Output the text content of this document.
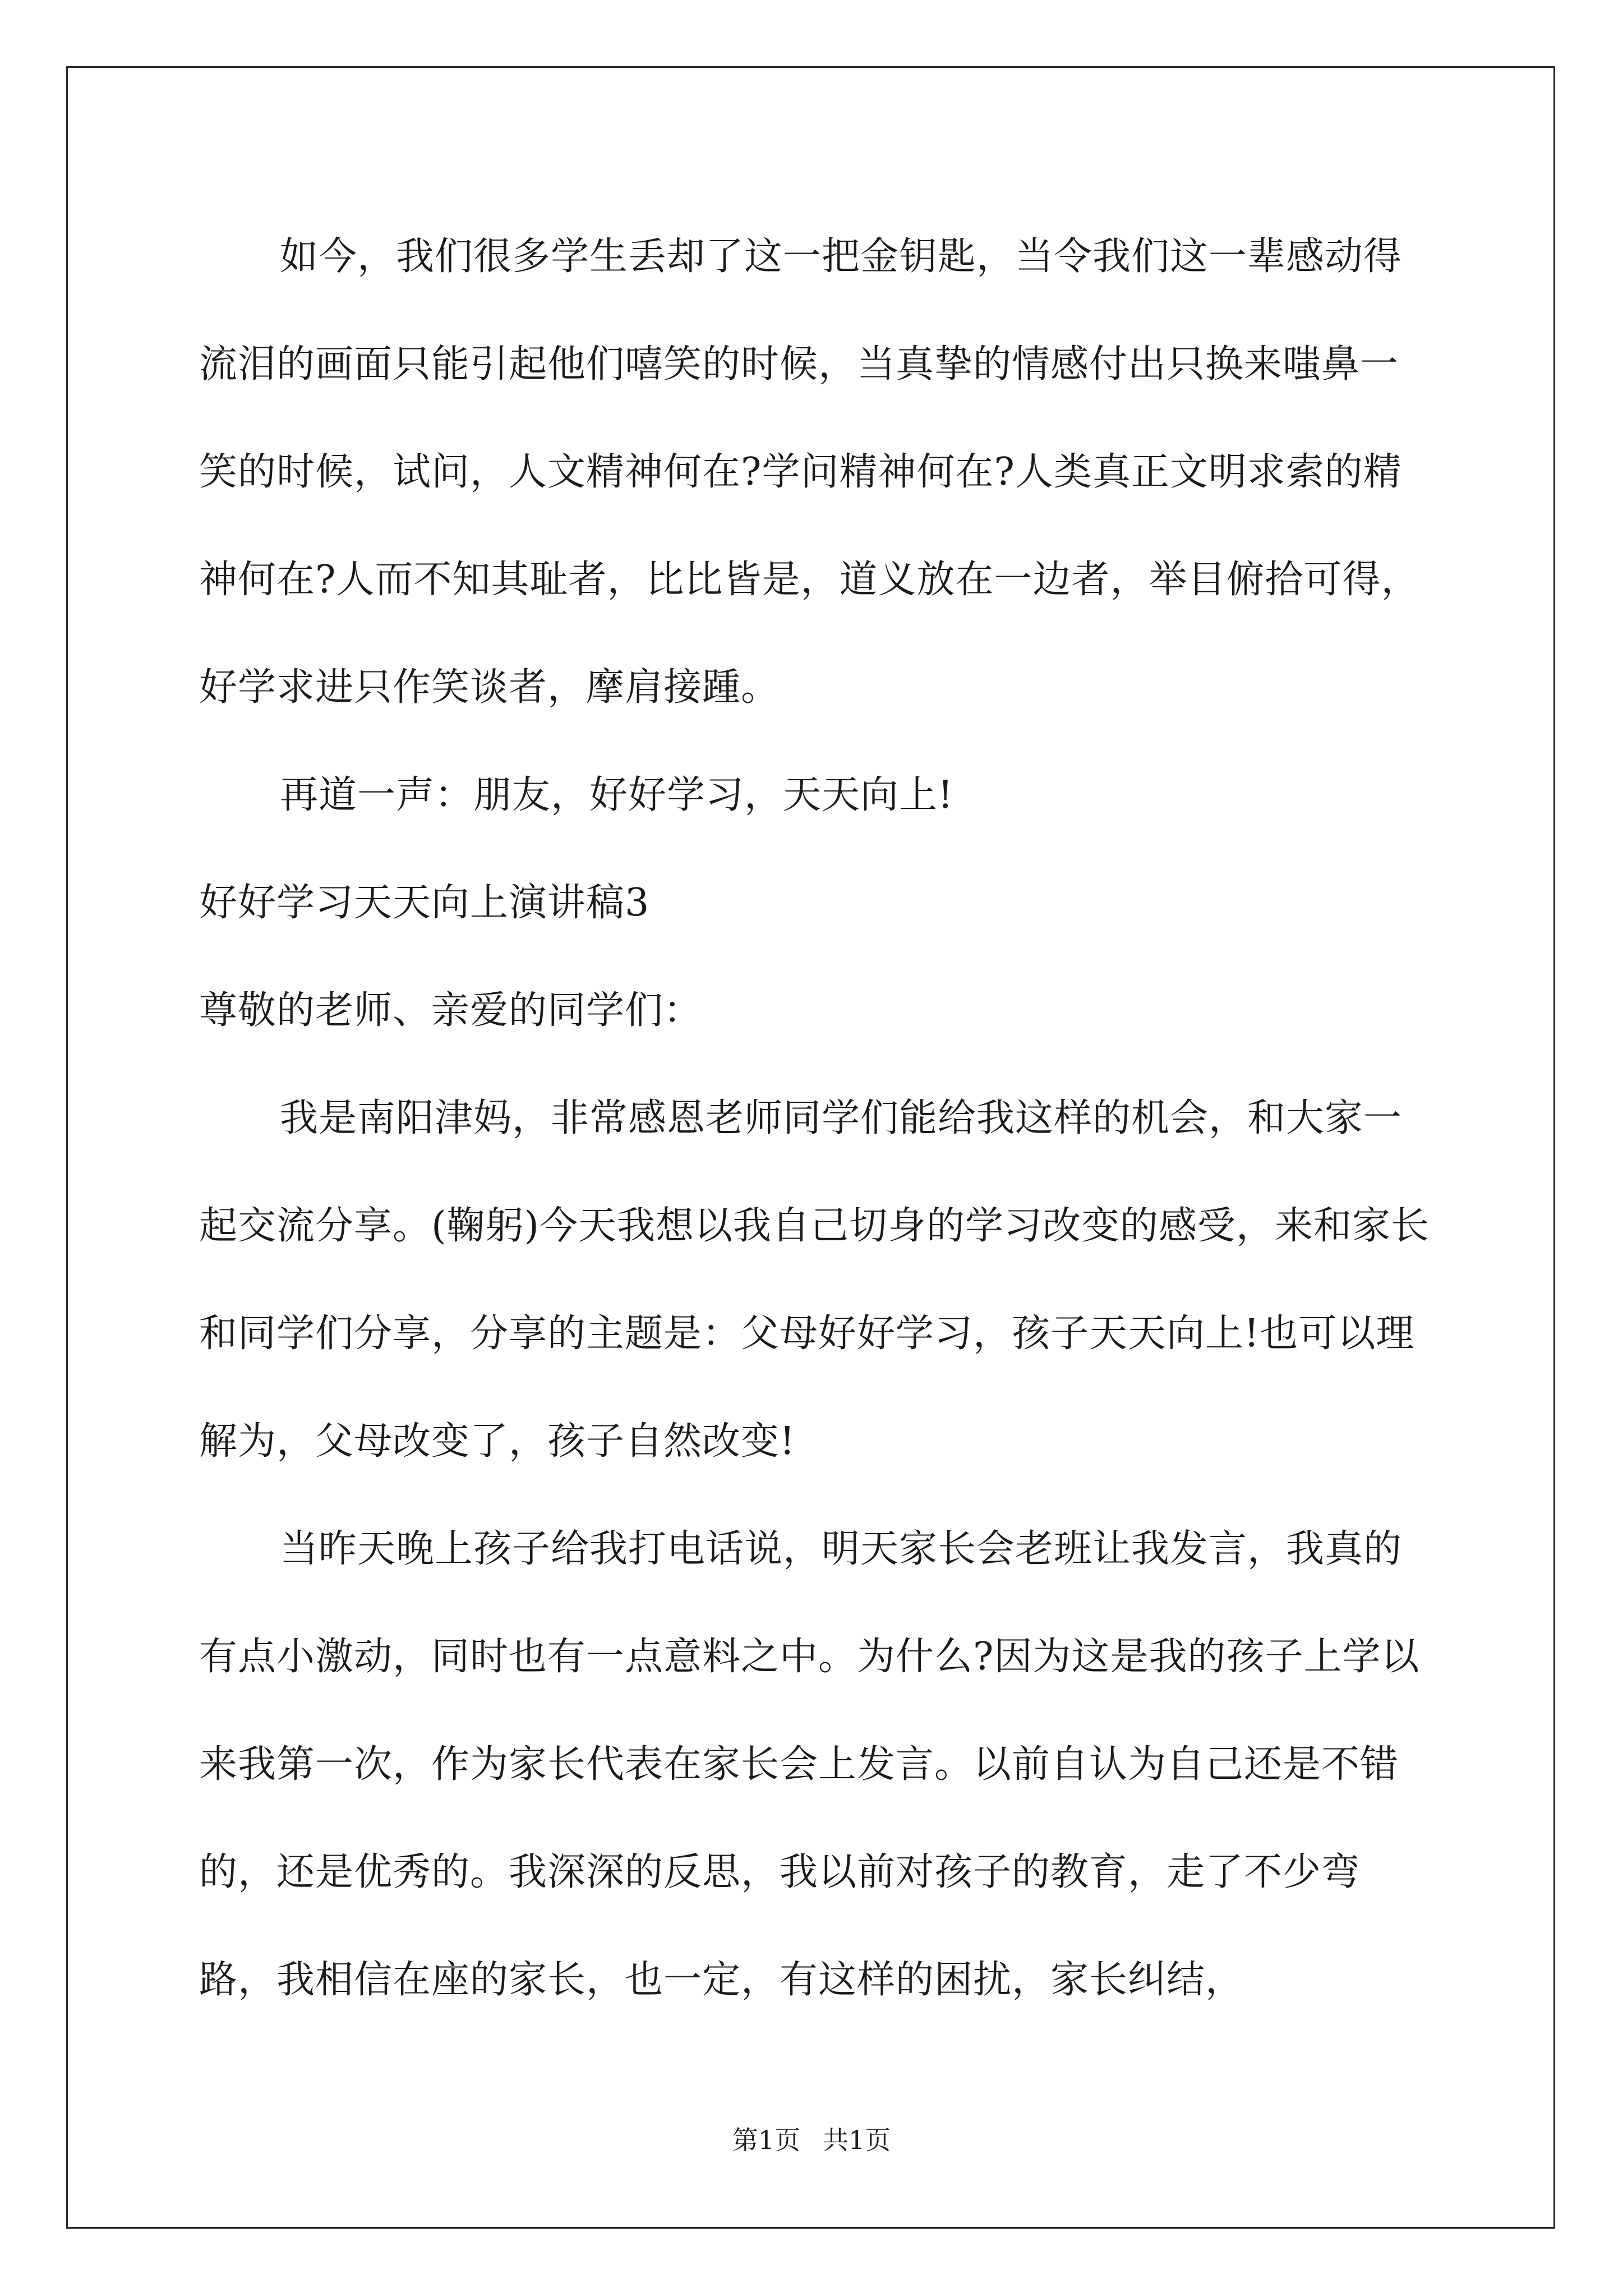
如今，我们很多学生丢却了这一把金钥匙，当令我们这一辈感动得流泪的画面只能引起他们嘻笑的时候，当真挚的情感付出只换来嗤鼻一笑的时候，试问，人文精神何在?学问精神何在?人类真正文明求索的精神何在?人而不知其耻者，比比皆是，道义放在一边者，举目俯拾可得，好学求进只作笑谈者，摩肩接踵。

再道一声：朋友，好好学习，天天向上!

好好学习天天向上演讲稿3

尊敬的老师、亲爱的同学们：

我是南阳津妈，非常感恩老师同学们能给我这样的机会，和大家一起交流分享。(鞠躬)今天我想以我自己切身的学习改变的感受，来和家长和同学们分享，分享的主题是：父母好好学习，孩子天天向上!也可以理解为，父母改变了，孩子自然改变!

当昨天晚上孩子给我打电话说，明天家长会老班让我发言，我真的有点小激动，同时也有一点意料之中。为什么?因为这是我的孩子上学以来我第一次，作为家长代表在家长会上发言。以前自认为自己还是不错的，还是优秀的。我深深的反思，我以前对孩子的教育，走了不少弯路，我相信在座的家长，也一定，有这样的困扰，家长纠结，

第1页 共1页
